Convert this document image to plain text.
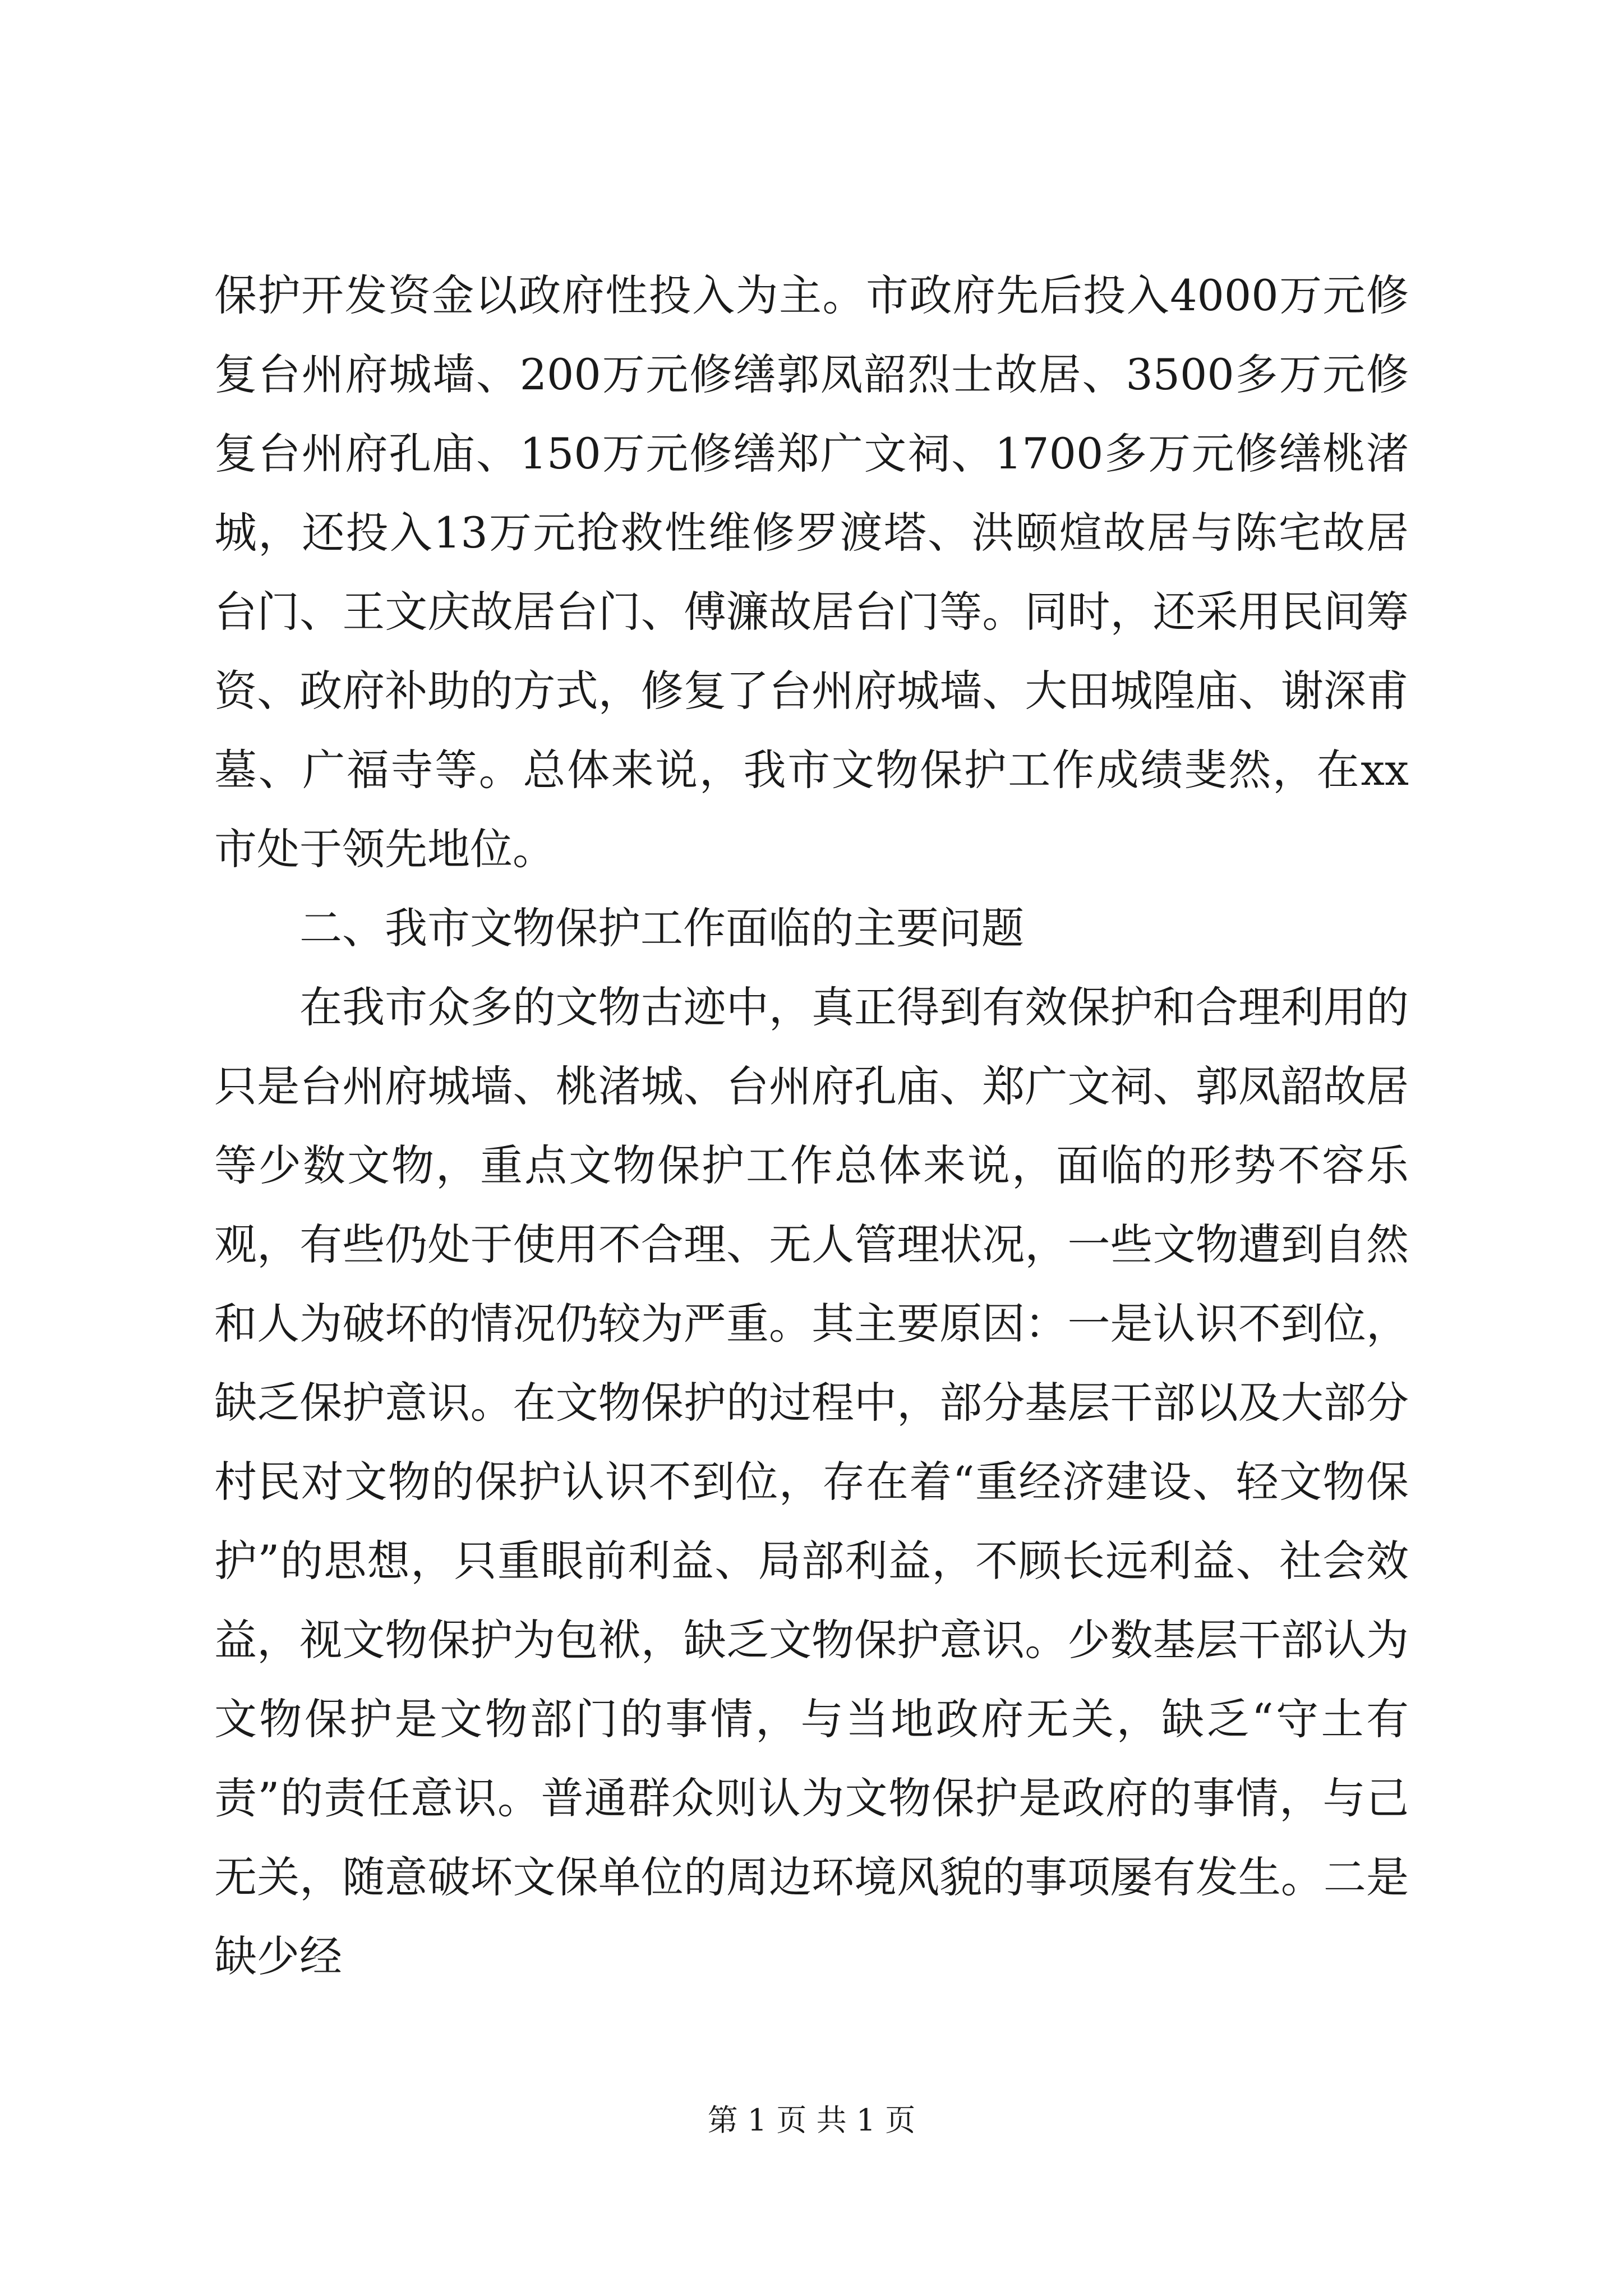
保护开发资金以政府性投入为主。市政府先后投入4000万元修复台州府城墙、200万元修缮郭凤韶烈士故居、3500多万元修复台州府孔庙、150万元修缮郑广文祠、1700多万元修缮桃渚城，还投入13万元抢救性维修罗渡塔、洪颐煊故居与陈宅故居台门、王文庆故居台门、傅濂故居台门等。同时，还采用民间筹资、政府补助的方式，修复了台州府城墙、大田城隍庙、谢深甫墓、广福寺等。总体来说，我市文物保护工作成绩斐然，在xx市处于领先地位。

二、我市文物保护工作面临的主要问题

在我市众多的文物古迹中，真正得到有效保护和合理利用的只是台州府城墙、桃渚城、台州府孔庙、郑广文祠、郭凤韶故居等少数文物，重点文物保护工作总体来说，面临的形势不容乐观，有些仍处于使用不合理、无人管理状况，一些文物遭到自然和人为破坏的情况仍较为严重。其主要原因：一是认识不到位，缺乏保护意识。在文物保护的过程中，部分基层干部以及大部分村民对文物的保护认识不到位，存在着“重经济建设、轻文物保护”的思想，只重眼前利益、局部利益，不顾长远利益、社会效益，视文物保护为包袱，缺乏文物保护意识。少数基层干部认为文物保护是文物部门的事情，与当地政府无关，缺乏“守土有责”的责任意识。普通群众则认为文物保护是政府的事情，与己无关，随意破坏文保单位的周边环境风貌的事项屡有发生。二是缺少经

第 1 页 共 1 页
